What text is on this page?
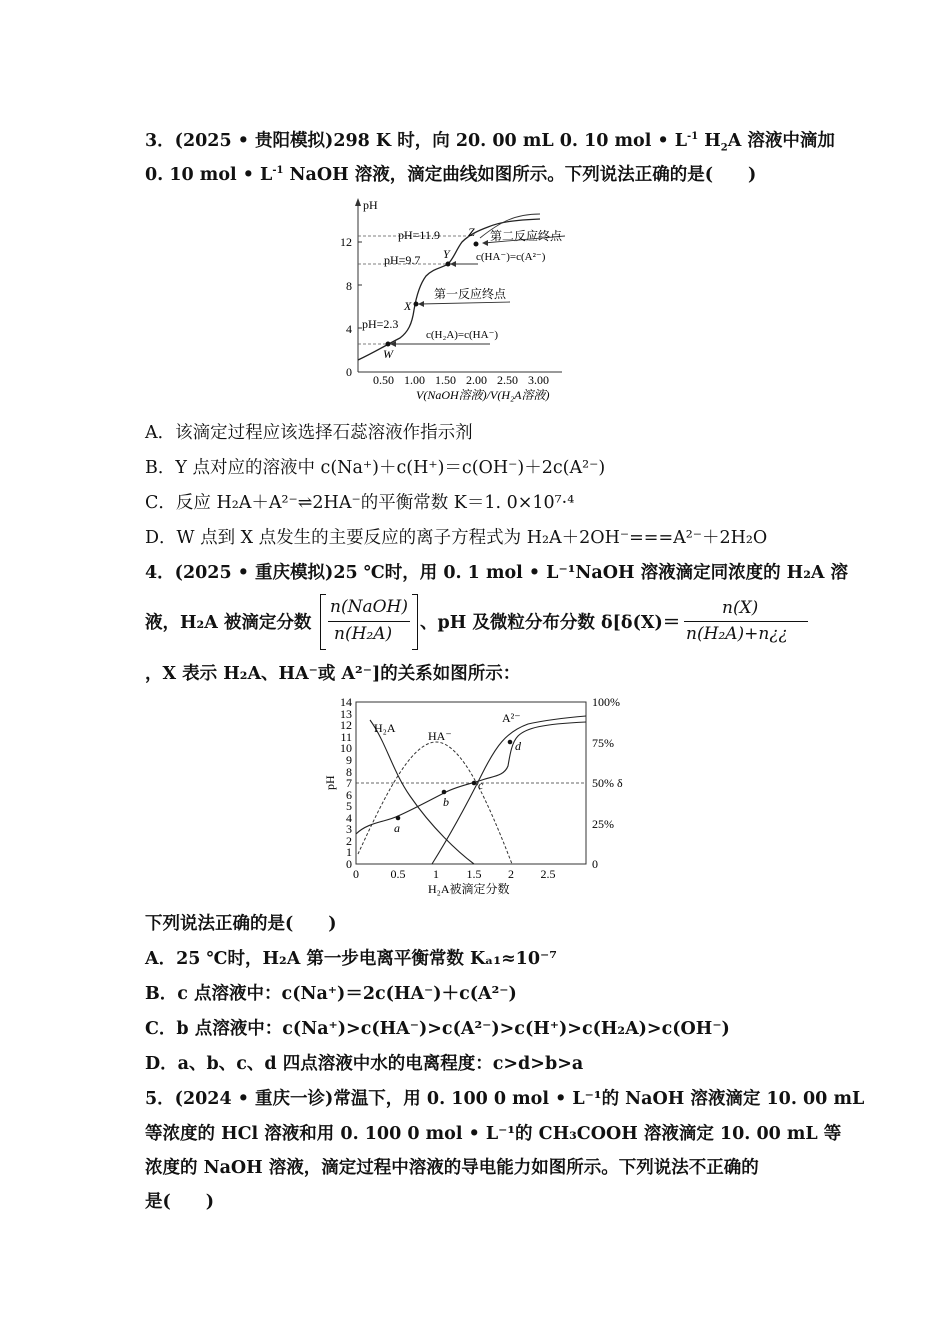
3．(2025 • 贵阳模拟)298 K 时，向 20. 00 mL 0. 10 mol • $L^{-1}$ $H_2A$ 溶液中滴加
0. 10 mol • $L^{-1}$ NaOH 溶液，滴定曲线如图所示。下列说法正确的是(　　)
pH
12
8
4
0
0.50 1.00 1.50 2.00 2.50 3.00
V(NaOH溶液)/V(H₂A溶液)
pH=11.9
pH=9.7
pH=2.3
Z
Y
X
W
第二反应终点
c(HA⁻)=c(A²⁻)
第一反应终点
c(H₂A)=c(HA⁻)
A．该滴定过程应该选择石蕊溶液作指示剂
B．Y 点对应的溶液中 c(Na⁺)＋c(H⁺)＝c(OH⁻)＋2c(A²⁻)
C．反应 H₂A＋A²⁻⇌2HA⁻的平衡常数 K＝1. 0×10⁷·⁴
D．W 点到 X 点发生的主要反应的离子方程式为 H₂A＋2OH⁻===A²⁻＋2H₂O
4．(2025 • 重庆模拟)25 ℃时，用 0. 1 mol • L⁻¹NaOH 溶液滴定同浓度的 H₂A 溶
液，H₂A 被滴定分数
n(NaOH)
n(H₂A)
、pH 及微粒分布分数 δ[δ(X)＝
n(X)
n(H₂A)+n¿¿
，X 表示 H₂A、HA⁻或 A²⁻]的关系如图所示：
14
13
12
11
10
9
8
7
6
5
4
3
2
1
0
pH
100%
75%
50% δ
25%
0
0	0.5 1 1.5 2 2.5
H₂A被滴定分数
a
b
c
d
H₂A
HA⁻
A²⁻
下列说法正确的是(　　)
A．25 ℃时，H₂A 第一步电离平衡常数 Kₐ₁≈10⁻⁷
B．c 点溶液中：c(Na⁺)＝2c(HA⁻)＋c(A²⁻)
C．b 点溶液中：c(Na⁺)>c(HA⁻)>c(A²⁻)>c(H⁺)>c(H₂A)>c(OH⁻)
D．a、b、c、d 四点溶液中水的电离程度：c>d>b>a
5．(2024 • 重庆一诊)常温下，用 0. 100 0 mol • L⁻¹的 NaOH 溶液滴定 10. 00 mL
等浓度的 HCl 溶液和用 0. 100 0 mol • L⁻¹的 CH₃COOH 溶液滴定 10. 00 mL 等
浓度的 NaOH 溶液，滴定过程中溶液的导电能力如图所示。下列说法不正确的
是(　　)
